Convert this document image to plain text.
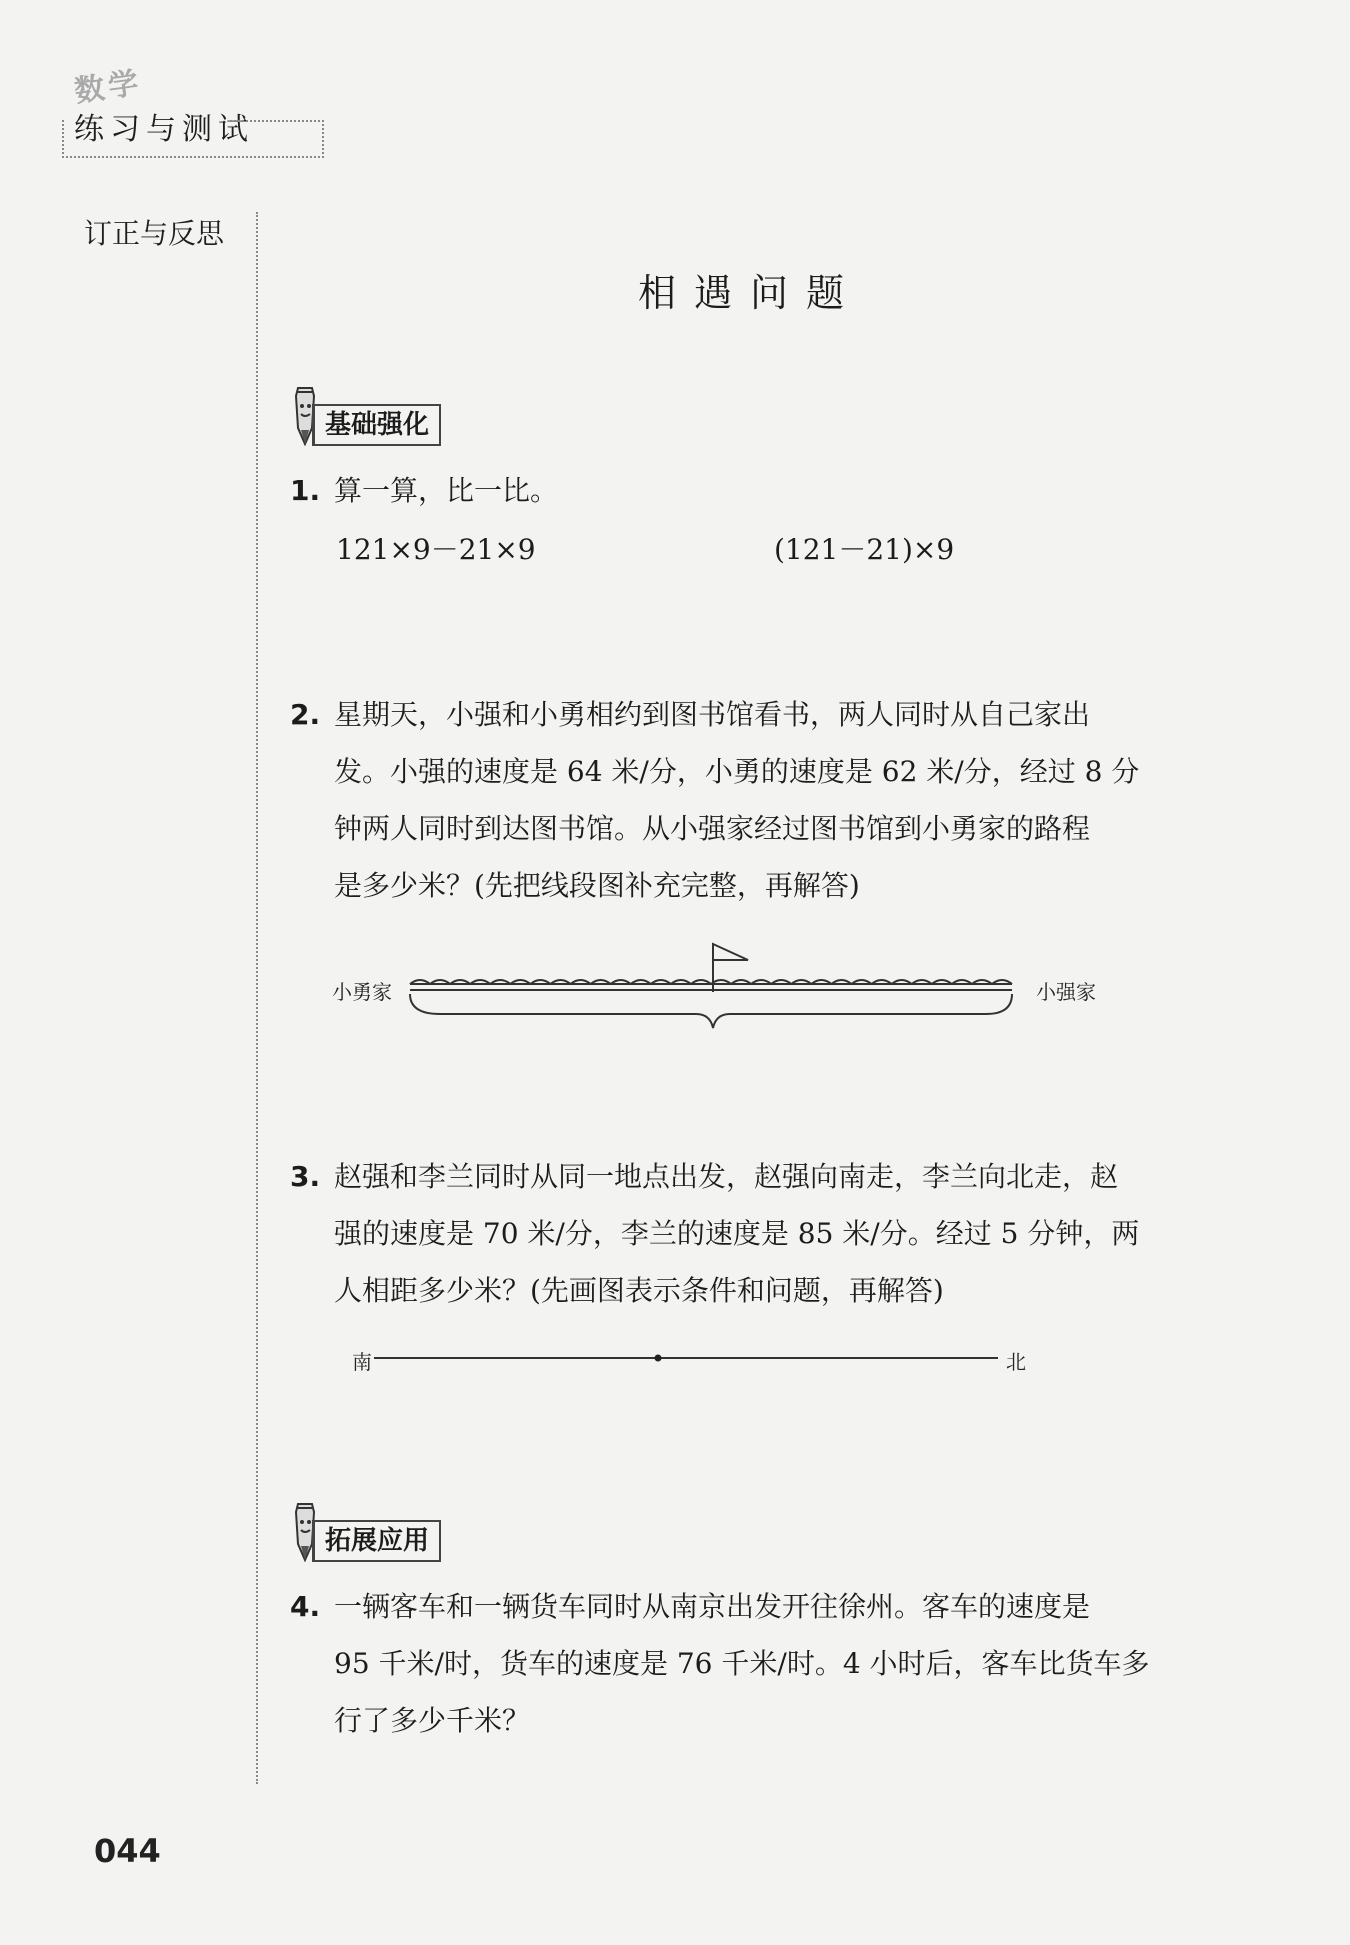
数学
练习与测试
订正与反思
相遇问题
基础强化
1. 算一算，比一比。
121×9－21×9	(121－21)×9
2. 星期天，小强和小勇相约到图书馆看书，两人同时从自己家出
发。小强的速度是 64 米/分，小勇的速度是 62 米/分，经过 8 分
钟两人同时到达图书馆。从小强家经过图书馆到小勇家的路程
是多少米？(先把线段图补充完整，再解答)
小勇家	小强家
3. 赵强和李兰同时从同一地点出发，赵强向南走，李兰向北走，赵
强的速度是 70 米/分，李兰的速度是 85 米/分。经过 5 分钟，两
人相距多少米？(先画图表示条件和问题，再解答)
南	北
拓展应用
4. 一辆客车和一辆货车同时从南京出发开往徐州。客车的速度是
95 千米/时，货车的速度是 76 千米/时。4 小时后，客车比货车多
行了多少千米？
044
